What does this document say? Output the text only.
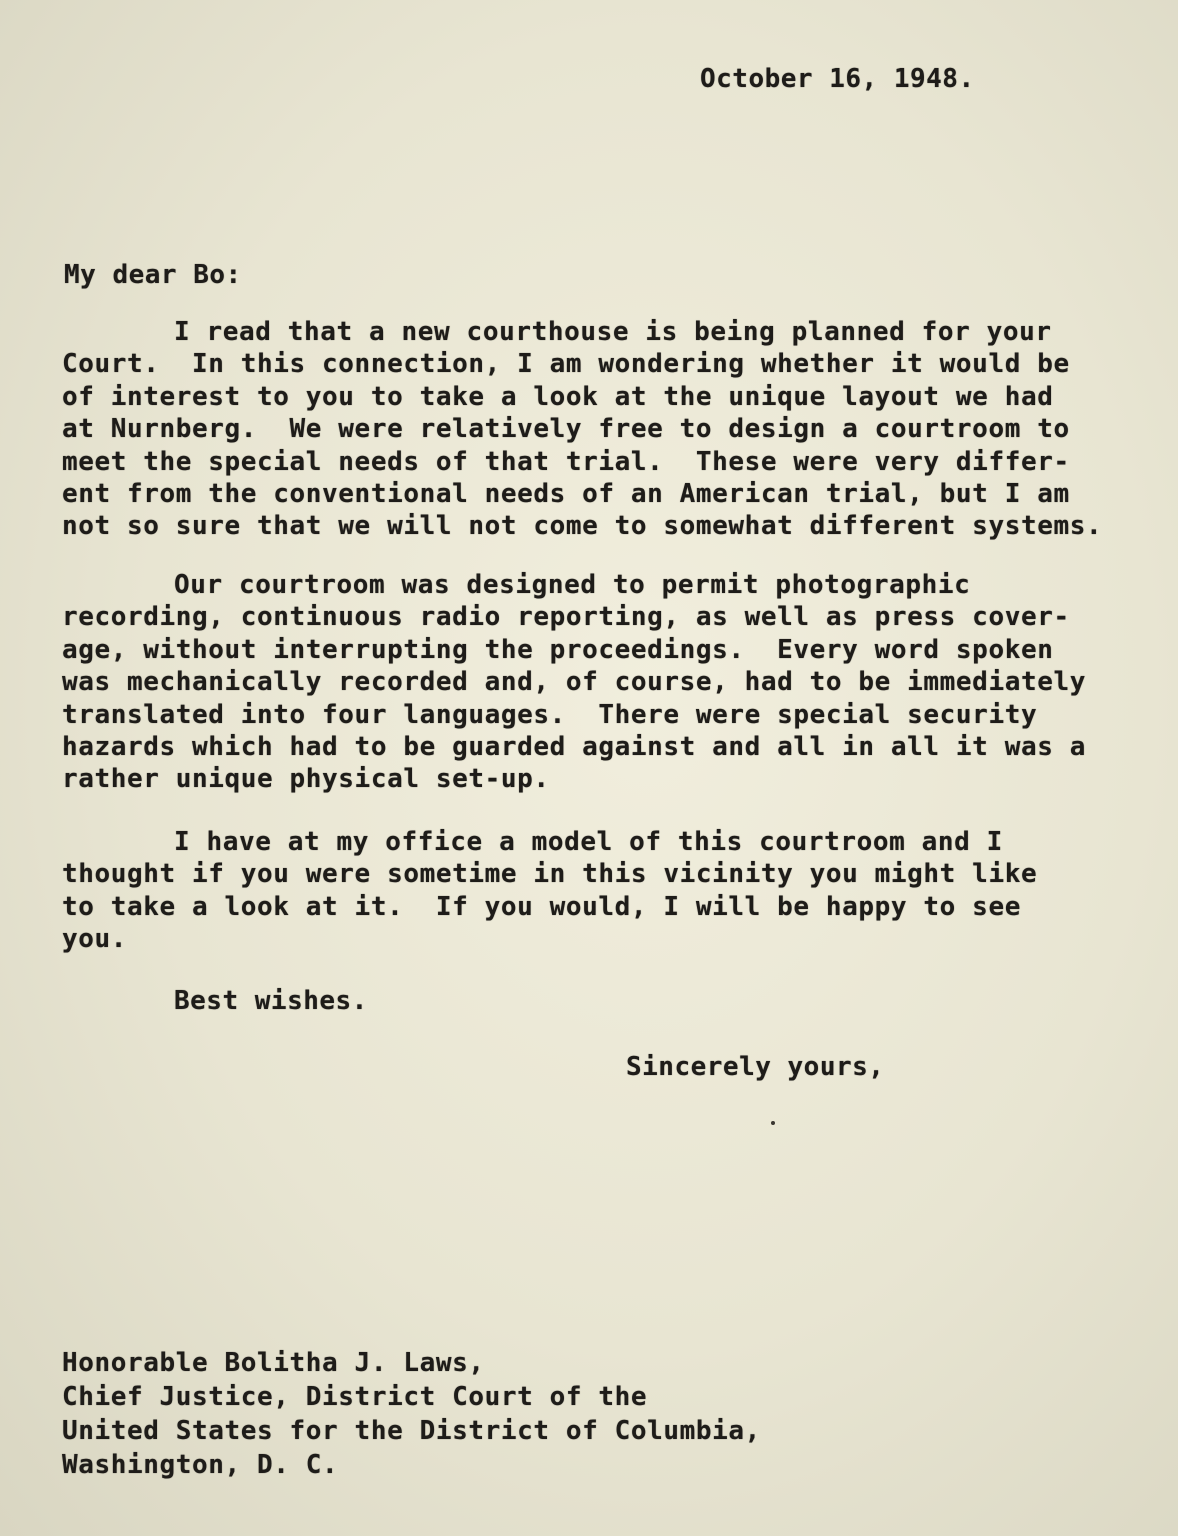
October 16, 1948.

My dear Bo:

I read that a new courthouse is being planned for your
Court.  In this connection, I am wondering whether it would be
of interest to you to take a look at the unique layout we had
at Nurnberg.  We were relatively free to design a courtroom to
meet the special needs of that trial.  These were very differ-
ent from the conventional needs of an American trial, but I am
not so sure that we will not come to somewhat different systems.
Our courtroom was designed to permit photographic
recording, continuous radio reporting, as well as press cover-
age, without interrupting the proceedings.  Every word spoken
was mechanically recorded and, of course, had to be immediately
translated into four languages.  There were special security
hazards which had to be guarded against and all in all it was a
rather unique physical set-up.
I have at my office a model of this courtroom and I
thought if you were sometime in this vicinity you might like
to take a look at it.  If you would, I will be happy to see
you.

Best wishes.

Sincerely yours,

Honorable Bolitha J. Laws,
Chief Justice, District Court of the
United States for the District of Columbia,
Washington, D. C.
